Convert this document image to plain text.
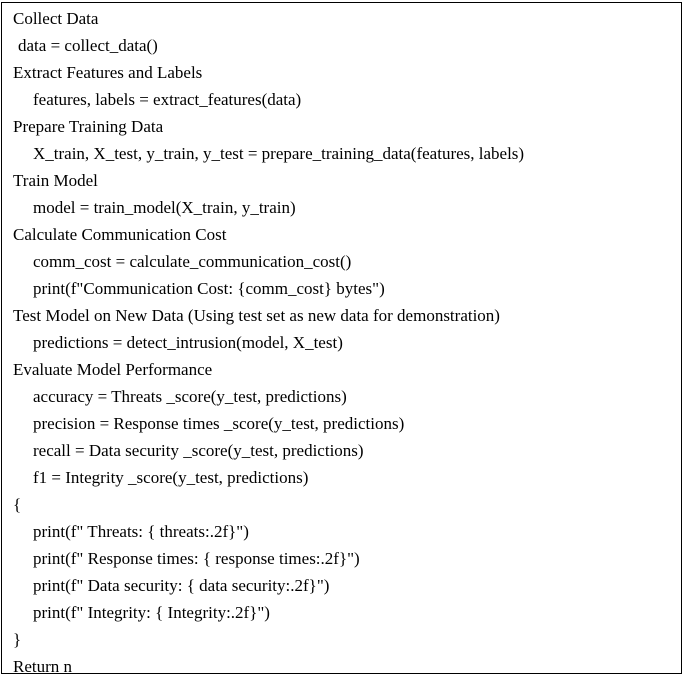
Collect Data
data = collect_data()
Extract Features and Labels
features, labels = extract_features(data)
Prepare Training Data
X_train, X_test, y_train, y_test = prepare_training_data(features, labels)
Train Model
model = train_model(X_train, y_train)
Calculate Communication Cost
comm_cost = calculate_communication_cost()
print(f"Communication Cost: {comm_cost} bytes")
Test Model on New Data (Using test set as new data for demonstration)
predictions = detect_intrusion(model, X_test)
Evaluate Model Performance
accuracy = Threats _score(y_test, predictions)
precision = Response times _score(y_test, predictions)
recall = Data security _score(y_test, predictions)
f1 = Integrity _score(y_test, predictions)
{
print(f" Threats: { threats:.2f}")
print(f" Response times: { response times:.2f}")
print(f" Data security: { data security:.2f}")
print(f" Integrity: { Integrity:.2f}")
}
Return n
